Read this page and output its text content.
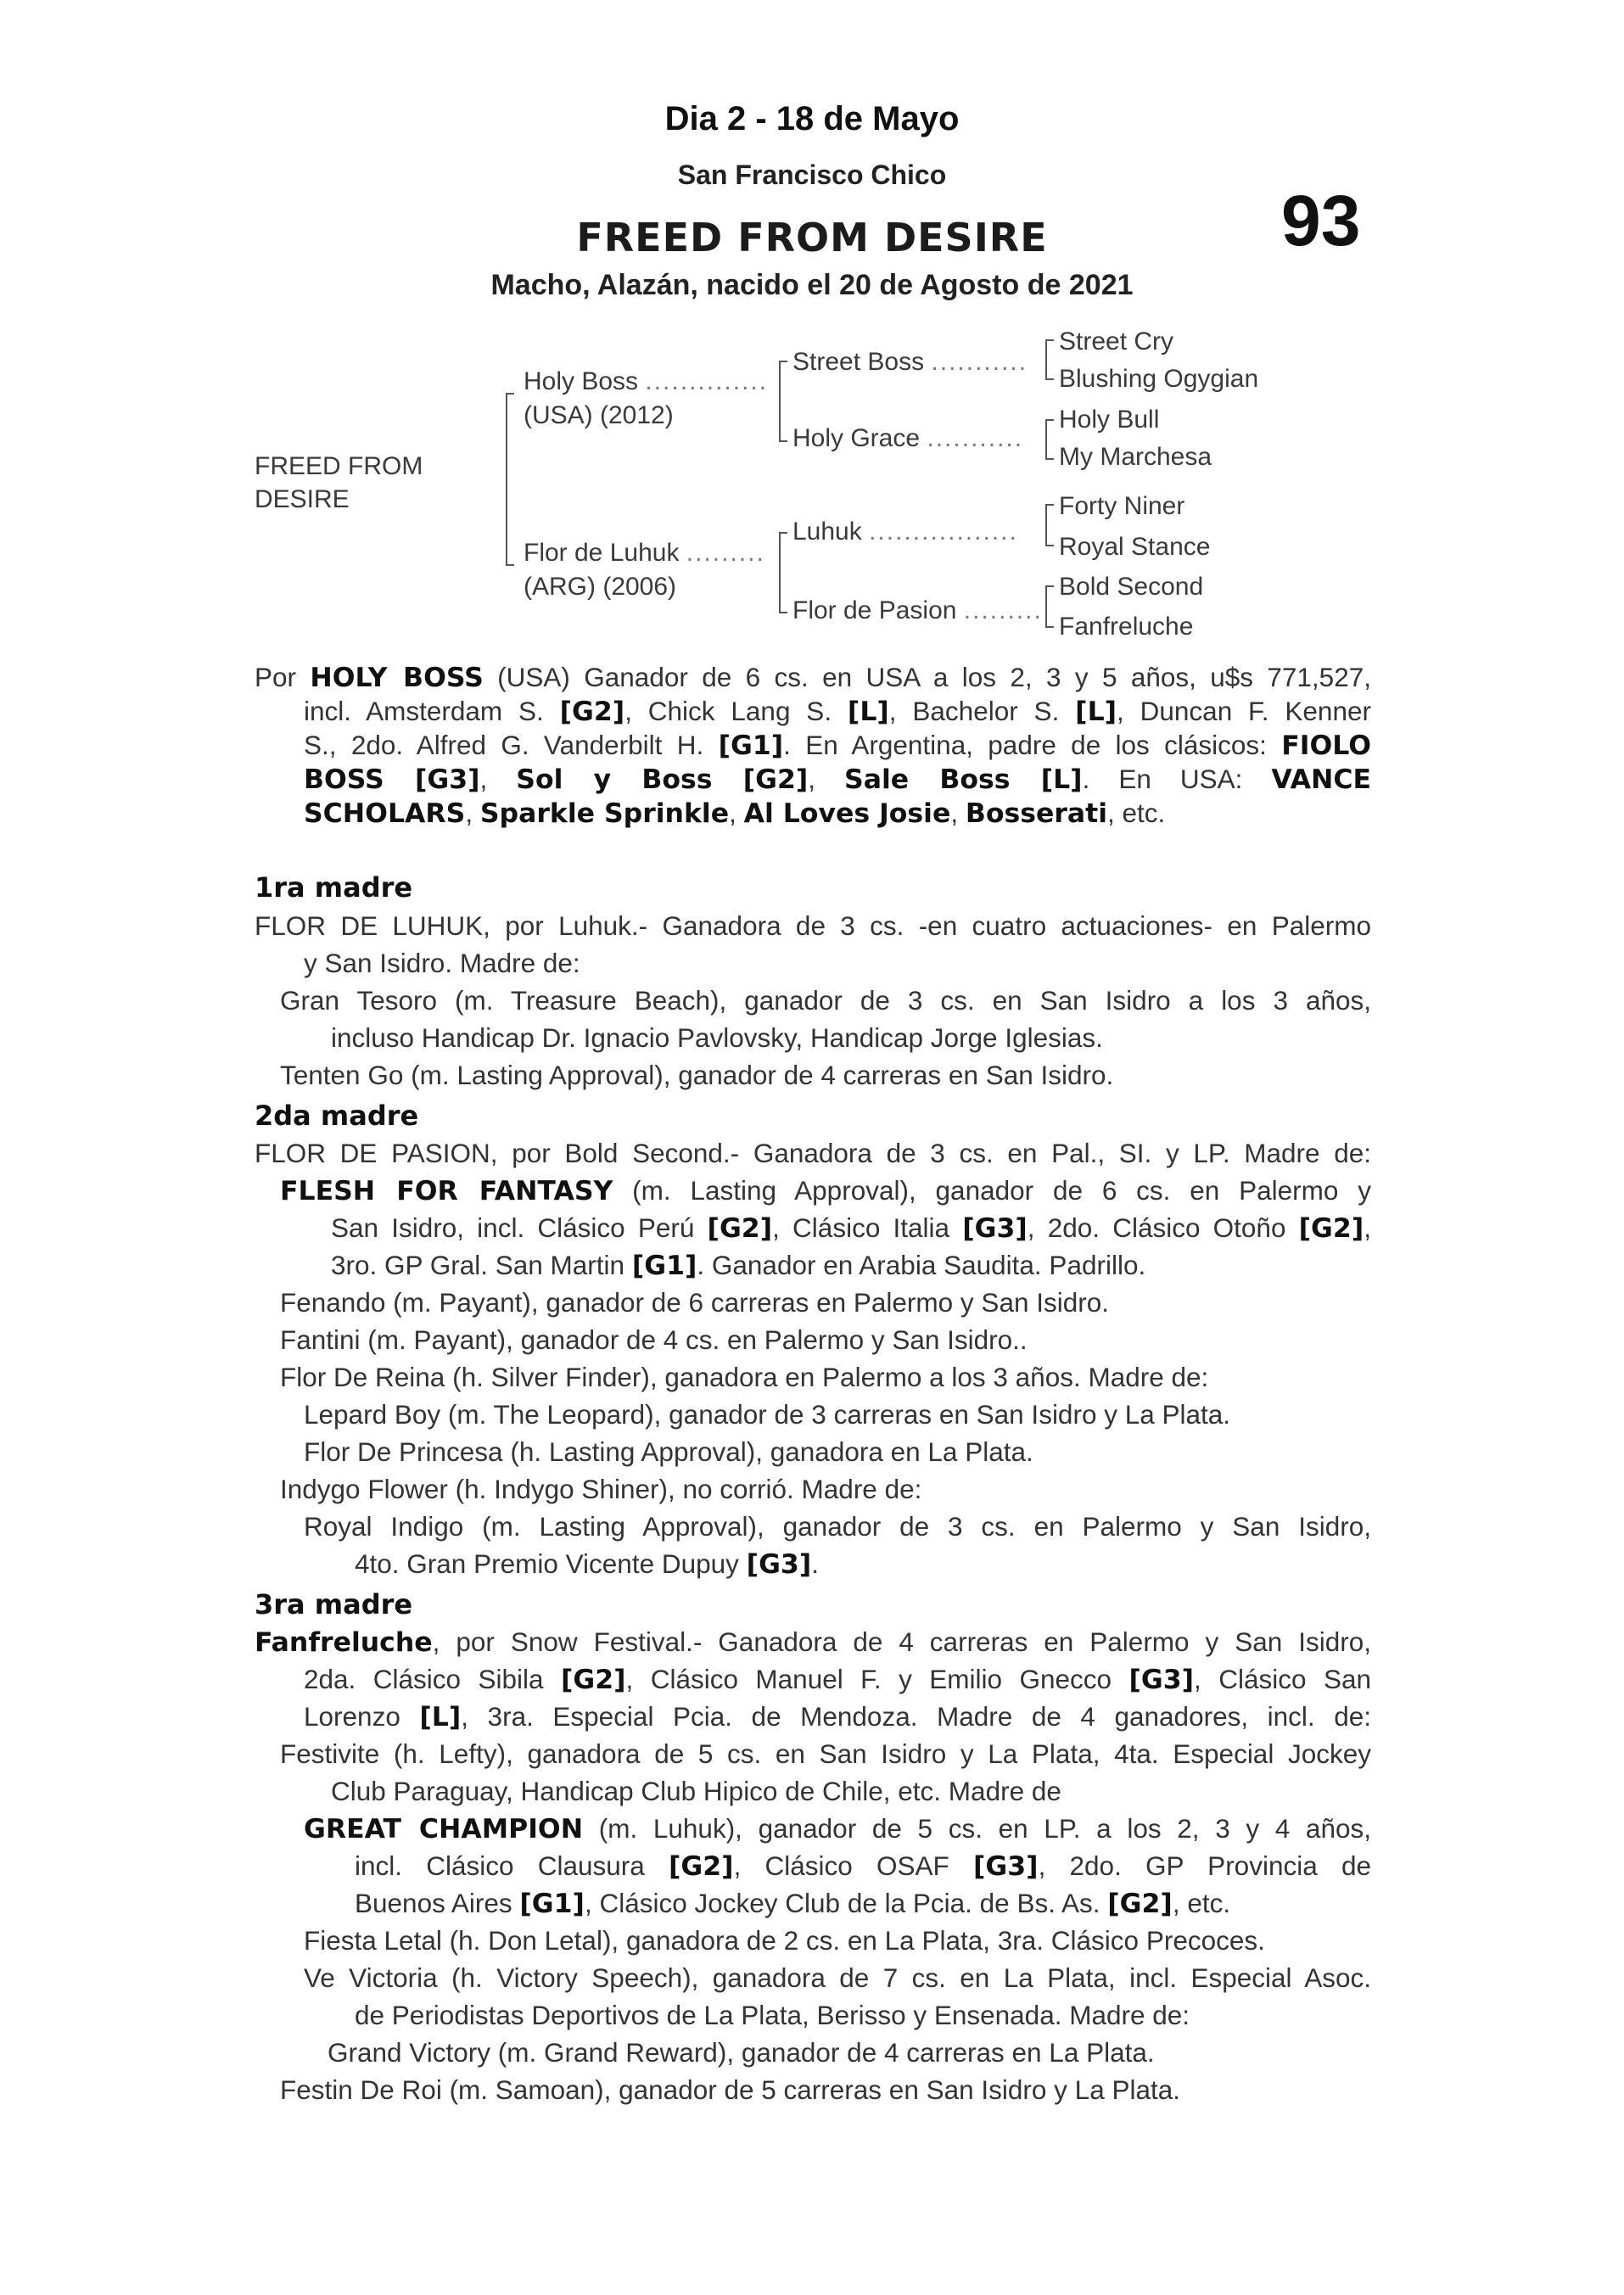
Dia 2 - 18 de Mayo
San Francisco Chico
93
FREED FROM DESIRE
Macho, Alazán, nacido el 20 de Agosto de 2021
FREED FROM
DESIRE
Holy Boss ..............
(USA) (2012)
Flor de Luhuk .........
(ARG) (2006)
Street Boss ...........
Holy Grace ...........
Luhuk .................
Flor de Pasion .........
Street Cry
Blushing Ogygian
Holy Bull
My Marchesa
Forty Niner
Royal Stance
Bold Second
Fanfreluche
Por HOLY BOSS (USA) Ganador de 6 cs. en USA a los 2, 3 y 5 años, u$s 771,527,
incl. Amsterdam S. [G2], Chick Lang S. [L], Bachelor S. [L], Duncan F. Kenner
S., 2do. Alfred G. Vanderbilt H. [G1]. En Argentina, padre de los clásicos: FIOLO
BOSS [G3], Sol y Boss [G2], Sale Boss [L]. En USA: VANCE
SCHOLARS, Sparkle Sprinkle, Al Loves Josie, Bosserati, etc.
1ra madre
FLOR DE LUHUK, por Luhuk.- Ganadora de 3 cs. -en cuatro actuaciones- en Palermo
y San Isidro. Madre de:
Gran Tesoro (m. Treasure Beach), ganador de 3 cs. en San Isidro a los 3 años,
incluso Handicap Dr. Ignacio Pavlovsky, Handicap Jorge Iglesias.
Tenten Go (m. Lasting Approval), ganador de 4 carreras en San Isidro.
2da madre
FLOR DE PASION, por Bold Second.- Ganadora de 3 cs. en Pal., SI. y LP. Madre de:
FLESH FOR FANTASY (m. Lasting Approval), ganador de 6 cs. en Palermo y
San Isidro, incl. Clásico Perú [G2], Clásico Italia [G3], 2do. Clásico Otoño [G2],
3ro. GP Gral. San Martin [G1]. Ganador en Arabia Saudita. Padrillo.
Fenando (m. Payant), ganador de 6 carreras en Palermo y San Isidro.
Fantini (m. Payant), ganador de 4 cs. en Palermo y San Isidro..
Flor De Reina (h. Silver Finder), ganadora en Palermo a los 3 años. Madre de:
Lepard Boy (m. The Leopard), ganador de 3 carreras en San Isidro y La Plata.
Flor De Princesa (h. Lasting Approval), ganadora en La Plata.
Indygo Flower (h. Indygo Shiner), no corrió. Madre de:
Royal Indigo (m. Lasting Approval), ganador de 3 cs. en Palermo y San Isidro,
4to. Gran Premio Vicente Dupuy [G3].
3ra madre
Fanfreluche, por Snow Festival.- Ganadora de 4 carreras en Palermo y San Isidro,
2da. Clásico Sibila [G2], Clásico Manuel F. y Emilio Gnecco [G3], Clásico San
Lorenzo [L], 3ra. Especial Pcia. de Mendoza. Madre de 4 ganadores, incl. de:
Festivite (h. Lefty), ganadora de 5 cs. en San Isidro y La Plata, 4ta. Especial Jockey
Club Paraguay, Handicap Club Hipico de Chile, etc. Madre de
GREAT CHAMPION (m. Luhuk), ganador de 5 cs. en LP. a los 2, 3 y 4 años,
incl. Clásico Clausura [G2], Clásico OSAF [G3], 2do. GP Provincia de
Buenos Aires [G1], Clásico Jockey Club de la Pcia. de Bs. As. [G2], etc.
Fiesta Letal (h. Don Letal), ganadora de 2 cs. en La Plata, 3ra. Clásico Precoces.
Ve Victoria (h. Victory Speech), ganadora de 7 cs. en La Plata, incl. Especial Asoc.
de Periodistas Deportivos de La Plata, Berisso y Ensenada. Madre de:
Grand Victory (m. Grand Reward), ganador de 4 carreras en La Plata.
Festin De Roi (m. Samoan), ganador de 5 carreras en San Isidro y La Plata.
